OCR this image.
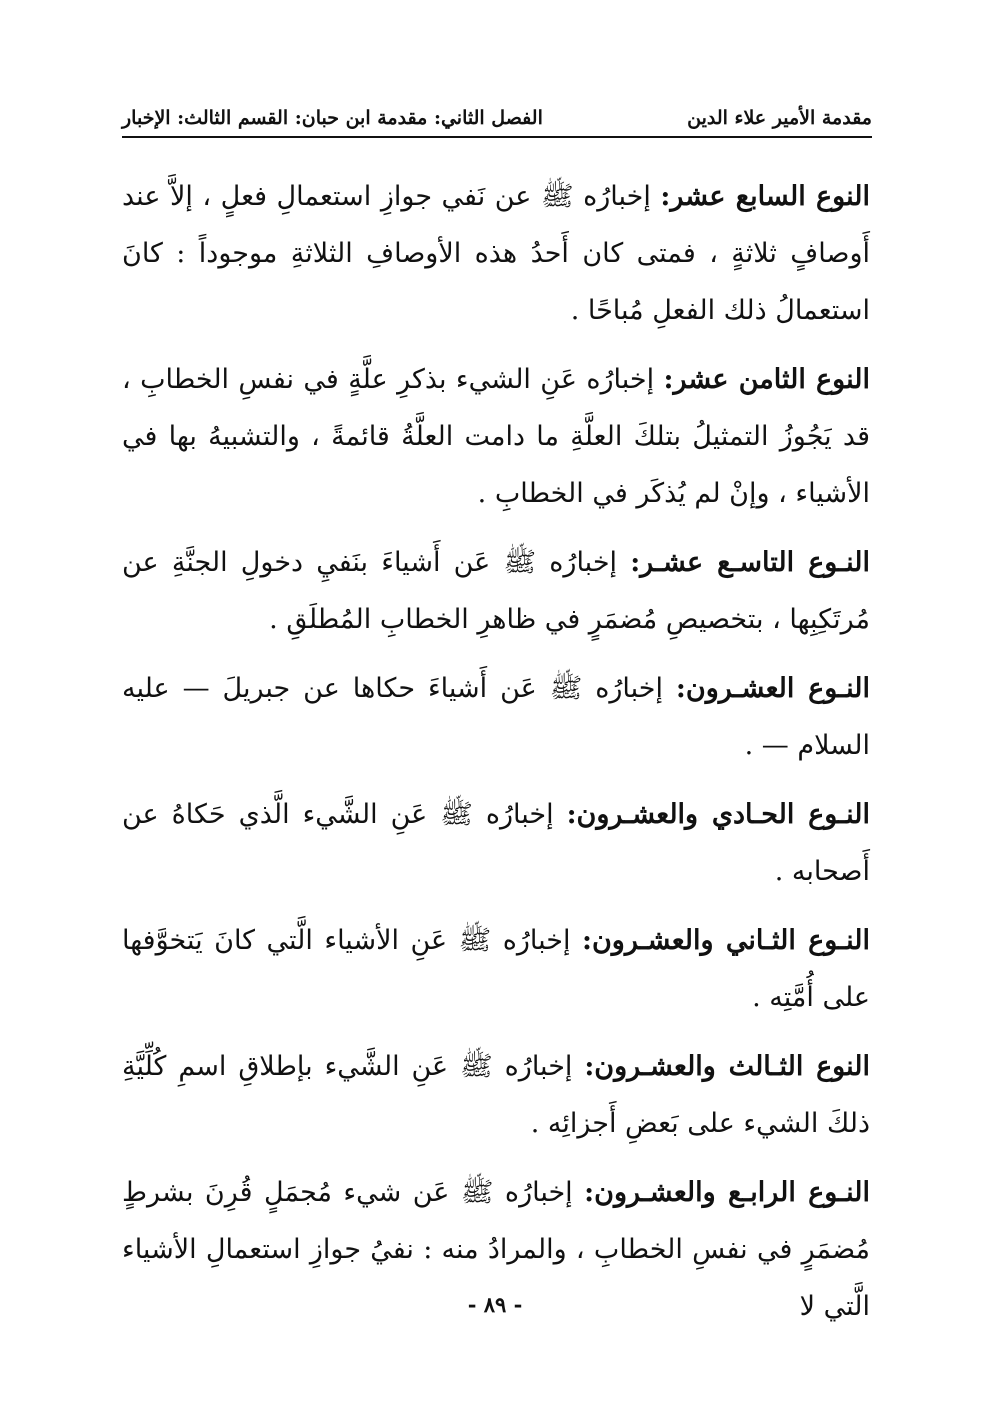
مقدمة الأمير علاء الدين
الفصل الثاني: مقدمة ابن حبان: القسم الثالث: الإخبار

النوع السابع عشر: إخبارُه ﷺ عن نَفي جوازِ استعمالِ فعلٍ ، إلاَّ عند أَوصافٍ ثلاثةٍ ، فمتى كان أَحدُ هذه الأوصافِ الثلاثةِ موجوداً : كانَ استعمالُ ذلك الفعلِ مُباحًا .

النوع الثامن عشر: إخبارُه عَنِ الشيء بذكرِ علَّةٍ في نفسِ الخطابِ ، قد يَجُوزُ التمثيلُ بتلكَ العلَّةِ ما دامت العلَّةُ قائمةً ، والتشبيهُ بها في الأشياء ، وإنْ لم يُذكَر في الخطابِ .

النـوع التاسـع عشـر: إخبارُه ﷺ عَن أَشياءَ بنَفيِ دخولِ الجنَّةِ عن مُرتَكِبِها ، بتخصيصِ مُضمَرٍ في ظاهرِ الخطابِ المُطلَقِ .

النـوع العشـرون: إخبارُه ﷺ عَن أَشياءَ حكاها عن جبريلَ — عليه السلام — .

النـوع الحـادي والعشـرون: إخبارُه ﷺ عَنِ الشَّيء الَّذي حَكاهُ عن أَصحابه .

النـوع الثـاني والعشـرون: إخبارُه ﷺ عَنِ الأشياء الَّتي كانَ يَتخوَّفها على أُمَّتِه .

النوع الثـالث والعشـرون: إخبارُه ﷺ عَنِ الشَّيء بإطلاقِ اسمِ كُلِّيَّةِ ذلكَ الشيء على بَعضِ أَجزائِه .

النـوع الرابـع والعشـرون: إخبارُه ﷺ عَن شيء مُجمَلٍ قُرِنَ بشرطٍ مُضمَرٍ في نفسِ الخطابِ ، والمرادُ منه : نفيُ جوازِ استعمالِ الأشياء الَّتي لا

- ٨٩ -
